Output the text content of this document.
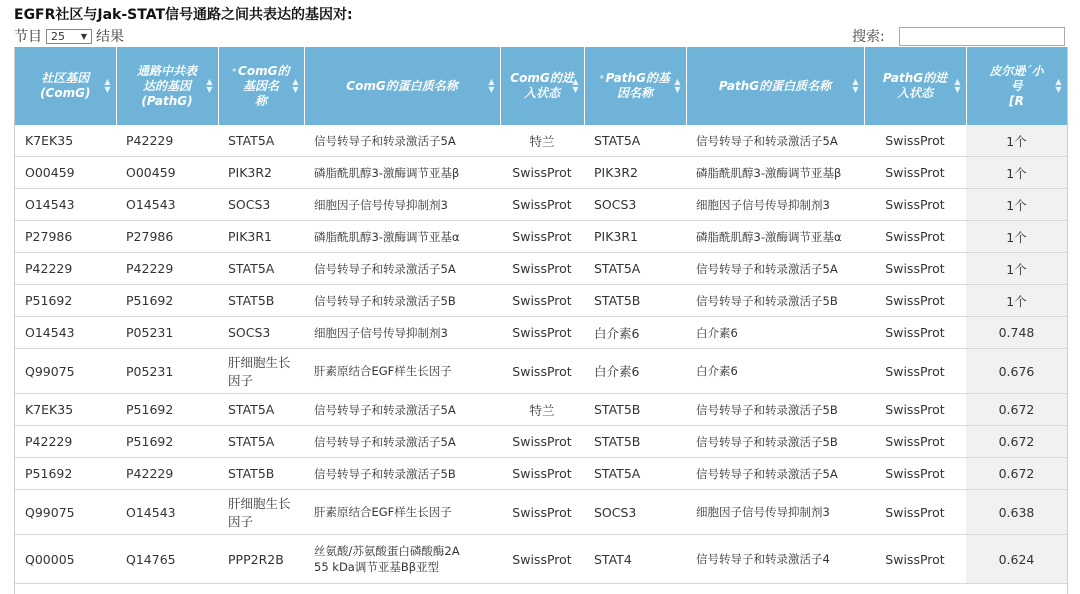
EGFR社区与Jak-STAT信号通路之间共表达的基因对:
节目 25 ▼ 结果	搜索:
社区基因
(ComG)
▲
▼	通路中共表
达的基因
(PathG)
▲
▼	$^{^0}$ ComG的
基因名
称
▲
▼	ComG的蛋白质名称 ▲
▼	ComG的进
入状态
▲
▼	$^{^0}$ PathG的基
因名称
▲
▼	PathG的蛋白质名称 ▲
▼	PathG的进
入状态
▲
▼	皮尔逊´小
号
[R
▲
▼

K7EK35	P42229	STAT5A	信号转导子和转录激活子5A	特兰	STAT5A	信号转导子和转录激活子5A	SwissProt	1个
O00459	O00459	PIK3R2	磷脂酰肌醇3-激酶调节亚基β	SwissProt	PIK3R2	磷脂酰肌醇3-激酶调节亚基β	SwissProt	1个
O14543	O14543	SOCS3	细胞因子信号传导抑制剂3	SwissProt	SOCS3	细胞因子信号传导抑制剂3	SwissProt	1个
P27986	P27986	PIK3R1	磷脂酰肌醇3-激酶调节亚基α	SwissProt	PIK3R1	磷脂酰肌醇3-激酶调节亚基α	SwissProt	1个
P42229	P42229	STAT5A	信号转导子和转录激活子5A	SwissProt	STAT5A	信号转导子和转录激活子5A	SwissProt	1个
P51692	P51692	STAT5B	信号转导子和转录激活子5B	SwissProt	STAT5B	信号转导子和转录激活子5B	SwissProt	1个
O14543	P05231	SOCS3	细胞因子信号传导抑制剂3	SwissProt	白介素6	白介素6	SwissProt	0.748
Q99075	P05231	肝细胞生长
因子	肝素原结合EGF样生长因子	SwissProt	白介素6	白介素6	SwissProt	0.676
K7EK35	P51692	STAT5A	信号转导子和转录激活子5A	特兰	STAT5B	信号转导子和转录激活子5B	SwissProt	0.672
P42229	P51692	STAT5A	信号转导子和转录激活子5A	SwissProt	STAT5B	信号转导子和转录激活子5B	SwissProt	0.672
P51692	P42229	STAT5B	信号转导子和转录激活子5B	SwissProt	STAT5A	信号转导子和转录激活子5A	SwissProt	0.672
Q99075	O14543	肝细胞生长
因子	肝素原结合EGF样生长因子	SwissProt	SOCS3	细胞因子信号传导抑制剂3	SwissProt	0.638
Q00005	Q14765	PPP2R2B	丝氨酸/苏氨酸蛋白磷酸酶2A
55 kDa调节亚基Bβ亚型	SwissProt	STAT4	信号转导子和转录激活子4	SwissProt	0.624
